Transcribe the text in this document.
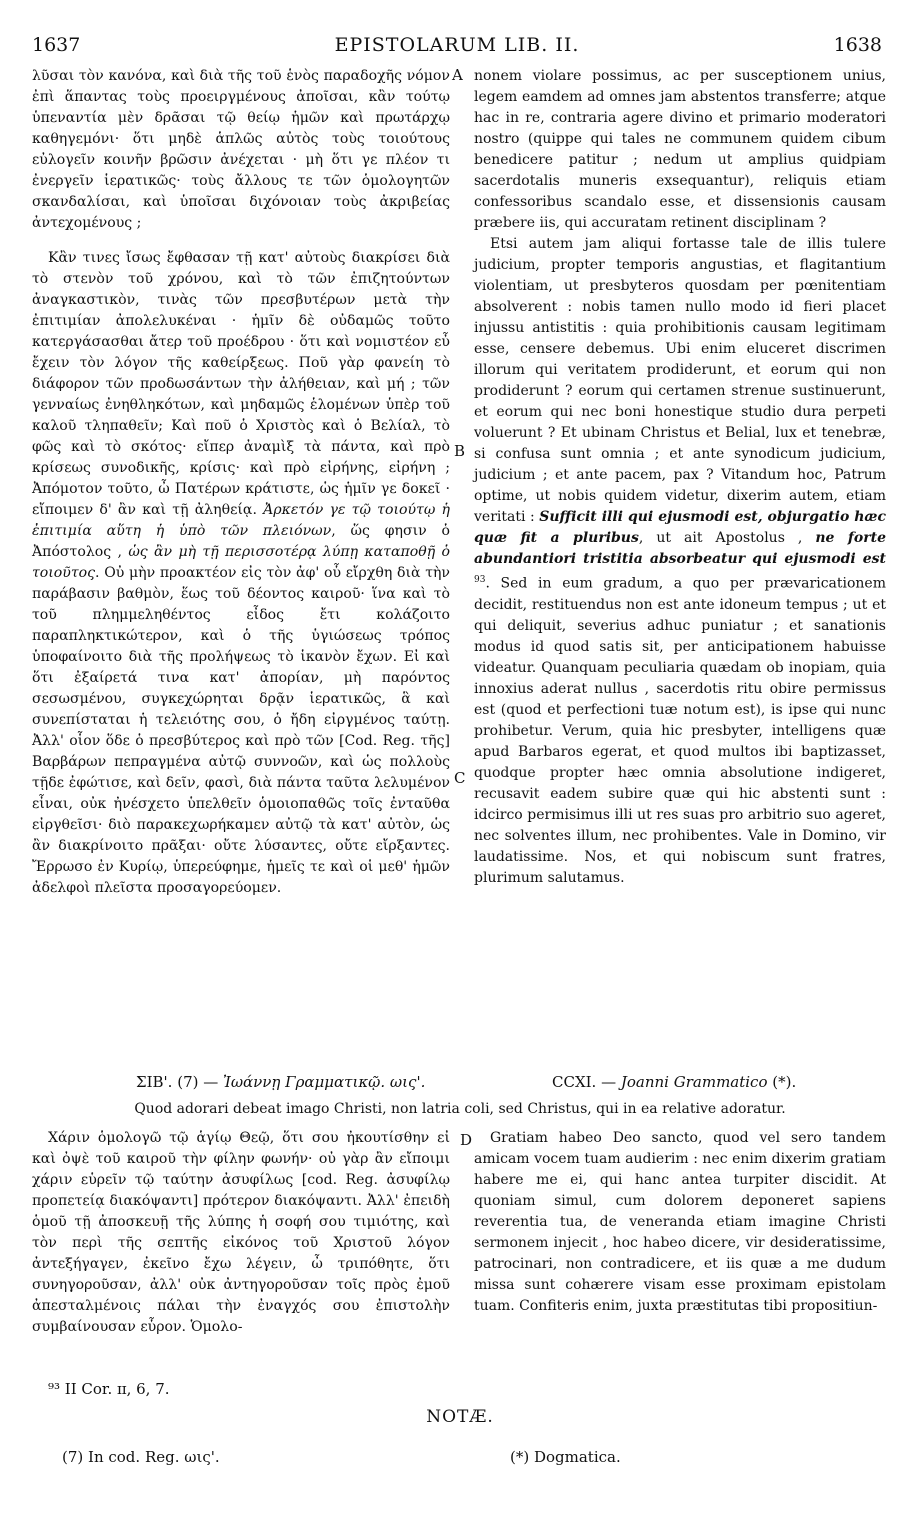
1637	EPISTOLARUM LIB. II.	1638

λῦσαι τὸν κανόνα, καὶ διὰ τῆς τοῦ ἑνὸς παραδοχῆς νόμον ἐπὶ ἅπαντας τοὺς προειργμένους ἀποῖσαι, κἂν τούτῳ ὑπεναντία μὲν δρᾶσαι τῷ θείῳ ἡμῶν καὶ πρωτάρχῳ καθηγεμόνι· ὅτι μηδὲ ἁπλῶς αὐτὸς τοὺς τοιούτους εὐλογεῖν κοινῆν βρῶσιν ἀνέχεται · μὴ ὅτι γε πλέον τι ἐνεργεῖν ἱερατικῶς· τοὺς ἄλλους τε τῶν ὁμολογητῶν σκανδαλίσαι, καὶ ὑποῖσαι διχόνοιαν τοὺς ἀκριβείας ἀντεχομένους ;

Κἂν τινες ἴσως ἔφθασαν τῇ κατ' αὐτοὺς διακρίσει διὰ τὸ στενὸν τοῦ χρόνου, καὶ τὸ τῶν ἐπιζητούντων ἀναγκαστικὸν, τινὰς τῶν πρεσβυτέρων μετὰ τὴν ἐπιτιμίαν ἀπολελυκέναι · ἡμῖν δὲ οὐδαμῶς τοῦτο κατεργάσασθαι ἄτερ τοῦ προέδρου · ὅτι καὶ νομιστέον εὖ ἔχειν τὸν λόγον τῆς καθείρξεως. Ποῦ γὰρ φανείη τὸ διάφορον τῶν προδωσάντων τὴν ἀλήθειαν, καὶ μή ; τῶν γενναίως ἐνηθληκότων, καὶ μηδαμῶς ἑλομένων ὑπὲρ τοῦ καλοῦ τληπαθεῖν; Καὶ ποῦ ὁ Χριστὸς καὶ ὁ Βελίαλ, τὸ φῶς καὶ τὸ σκότος· εἴπερ ἀναμὶξ τὰ πάντα, καὶ πρὸ κρίσεως συνοδικῆς, κρίσις· καὶ πρὸ εἰρήνης, εἰρήνη ; Ἀπόμοτον τοῦτο, ὦ Πατέρων κράτιστε, ὡς ἡμῖν γε δοκεῖ · εἴποιμεν δ' ἂν καὶ τῇ ἀληθείᾳ. Ἀρκετόν γε τῷ τοιούτῳ ἡ ἐπιτιμία αὕτη ἡ ὑπὸ τῶν πλειόνων, ὥς φησιν ὁ Ἀπόστολος , ὡς ἂν μὴ τῇ περισσοτέρᾳ λύπῃ καταποθῇ ὁ τοιοῦτος. Οὐ μὴν προακτέον εἰς τὸν ἀφ' οὗ εἴρχθη διὰ τὴν παράβασιν βαθμὸν, ἕως τοῦ δέοντος καιροῦ· ἵνα καὶ τὸ τοῦ πλημμεληθέντος εἶδος ἔτι κολάζοιτο παραπληκτικώτερον, καὶ ὁ τῆς ὑγιώσεως τρόπος ὑποφαίνοιτο διὰ τῆς προλήψεως τὸ ἱκανὸν ἔχων. Εἰ καὶ ὅτι ἐξαίρετά τινα κατ' ἀπορίαν, μὴ παρόντος σεσωσμένου, συγκεχώρηται δρᾷν ἱερατικῶς, ἃ καὶ συνεπίσταται ἡ τελειότης σου, ὁ ἤδη εἰργμένος ταύτῃ. Ἀλλ' οἷον ὅδε ὁ πρεσβύτερος καὶ πρὸ τῶν [Cod. Reg. τῆς] Βαρβάρων πεπραγμένα αὐτῷ συννοῶν, καὶ ὡς πολλοὺς τῇδε ἐφώτισε, καὶ δεῖν, φασὶ, διὰ πάντα ταῦτα λελυμένον εἶναι, οὐκ ἠνέσχετο ὑπελθεῖν ὁμοιοπαθῶς τοῖς ἐνταῦθα εἰργθεῖσι· διὸ παρακεχωρήκαμεν αὐτῷ τὰ κατ' αὐτὸν, ὡς ἂν διακρίνοιτο πρᾶξαι· οὔτε λύσαντες, οὔτε εἴρξαντες. Ἔρρωσο ἐν Κυρίῳ, ὑπερεύφημε, ἡμεῖς τε καὶ οἱ μεθ' ἡμῶν ἀδελφοὶ πλεῖστα προσαγορεύομεν.

nonem violare possimus, ac per susceptionem unius, legem eamdem ad omnes jam abstentos transferre; atque hac in re, contraria agere divino et primario moderatori nostro (quippe qui tales ne communem quidem cibum benedicere patitur ; nedum ut amplius quidpiam sacerdotalis muneris exsequantur), reliquis etiam confessoribus scandalo esse, et dissensionis causam præbere iis, qui accuratam retinent disciplinam ?

Etsi autem jam aliqui fortasse tale de illis tulere judicium, propter temporis angustias, et flagitantium violentiam, ut presbyteros quosdam per pœnitentiam absolverent : nobis tamen nullo modo id fieri placet injussu antistitis : quia prohibitionis causam legitimam esse, censere debemus. Ubi enim eluceret discrimen illorum qui veritatem prodiderunt, et eorum qui non prodiderunt ? eorum qui certamen strenue sustinuerunt, et eorum qui nec boni honestique studio dura perpeti voluerunt ? Et ubinam Christus et Belial, lux et tenebræ, si confusa sunt omnia ; et ante synodicum judicium, judicium ; et ante pacem, pax ? Vitandum hoc, Patrum optime, ut nobis quidem videtur, dixerim autem, etiam veritati : Sufficit illi qui ejusmodi est, objurgatio hæc quæ fit a pluribus, ut ait Apostolus , ne forte abundantiori tristitia absorbeatur qui ejusmodi est $^{93}$. Sed in eum gradum, a quo per prævaricationem decidit, restituendus non est ante idoneum tempus ; ut et qui deliquit, severius adhuc puniatur ; et sanationis modus id quod satis sit, per anticipationem habuisse videatur. Quanquam peculiaria quædam ob inopiam, quia innoxius aderat nullus , sacerdotis ritu obire permissus est (quod et perfectioni tuæ notum est), is ipse qui nunc prohibetur. Verum, quia hic presbyter, intelligens quæ apud Barbaros egerat, et quod multos ibi baptizasset, quodque propter hæc omnia absolutione indigeret, recusavit eadem subire quæ qui hic abstenti sunt : idcirco permisimus illi ut res suas pro arbitrio suo ageret, nec solventes illum, nec prohibentes. Vale in Domino, vir laudatissime. Nos, et qui nobiscum sunt fratres, plurimum salutamus.

A
B
C
D
ΣΙΒ'. (7) — Ἰωάννῃ Γραμματικῷ. ωις'.	CCXI. — Joanni Grammatico (*).
Quod adorari debeat imago Christi, non latria coli, sed Christus, qui in ea relative adoratur.

Χάριν ὁμολογῶ τῷ ἁγίῳ Θεῷ, ὅτι σου ἠκουτίσθην εἰ καὶ ὀψὲ τοῦ καιροῦ τὴν φίλην φωνήν· οὐ γὰρ ἂν εἴποιμι χάριν εὑρεῖν τῷ ταύτην ἀσυφίλως [cod. Reg. ἀσυφίλῳ προπετείᾳ διακόψαντι] πρότερον διακόψαντι. Ἀλλ' ἐπειδὴ ὁμοῦ τῇ ἀποσκευῇ τῆς λύπης ἡ σοφή σου τιμιότης, καὶ τὸν περὶ τῆς σεπτῆς εἰκόνος τοῦ Χριστοῦ λόγον ἀντεξήγαγεν, ἐκεῖνο ἔχω λέγειν, ὦ τριπόθητε, ὅτι συνηγοροῦσαν, ἀλλ' οὐκ ἀντηγοροῦσαν τοῖς πρὸς ἐμοῦ ἀπεσταλμένοις πάλαι τὴν ἐναγχός σου ἐπιστολὴν συμβαίνουσαν εὗρον. Ὁμολο-

Gratiam habeo Deo sancto, quod vel sero tandem amicam vocem tuam audierim : nec enim dixerim gratiam habere me ei, qui hanc antea turpiter discidit. At quoniam simul, cum dolorem deponeret sapiens reverentia tua, de veneranda etiam imagine Christi sermonem injecit , hoc habeo dicere, vir desideratissime, patrocinari, non contradicere, et iis quæ a me dudum missa sunt cohærere visam esse proximam epistolam tuam. Confiteris enim, juxta præstitutas tibi propositiun-

⁹³ II Cor. ɪɪ, 6, 7.
NOTÆ.
(7) In cod. Reg. ωις'.	(*) Dogmatica.
